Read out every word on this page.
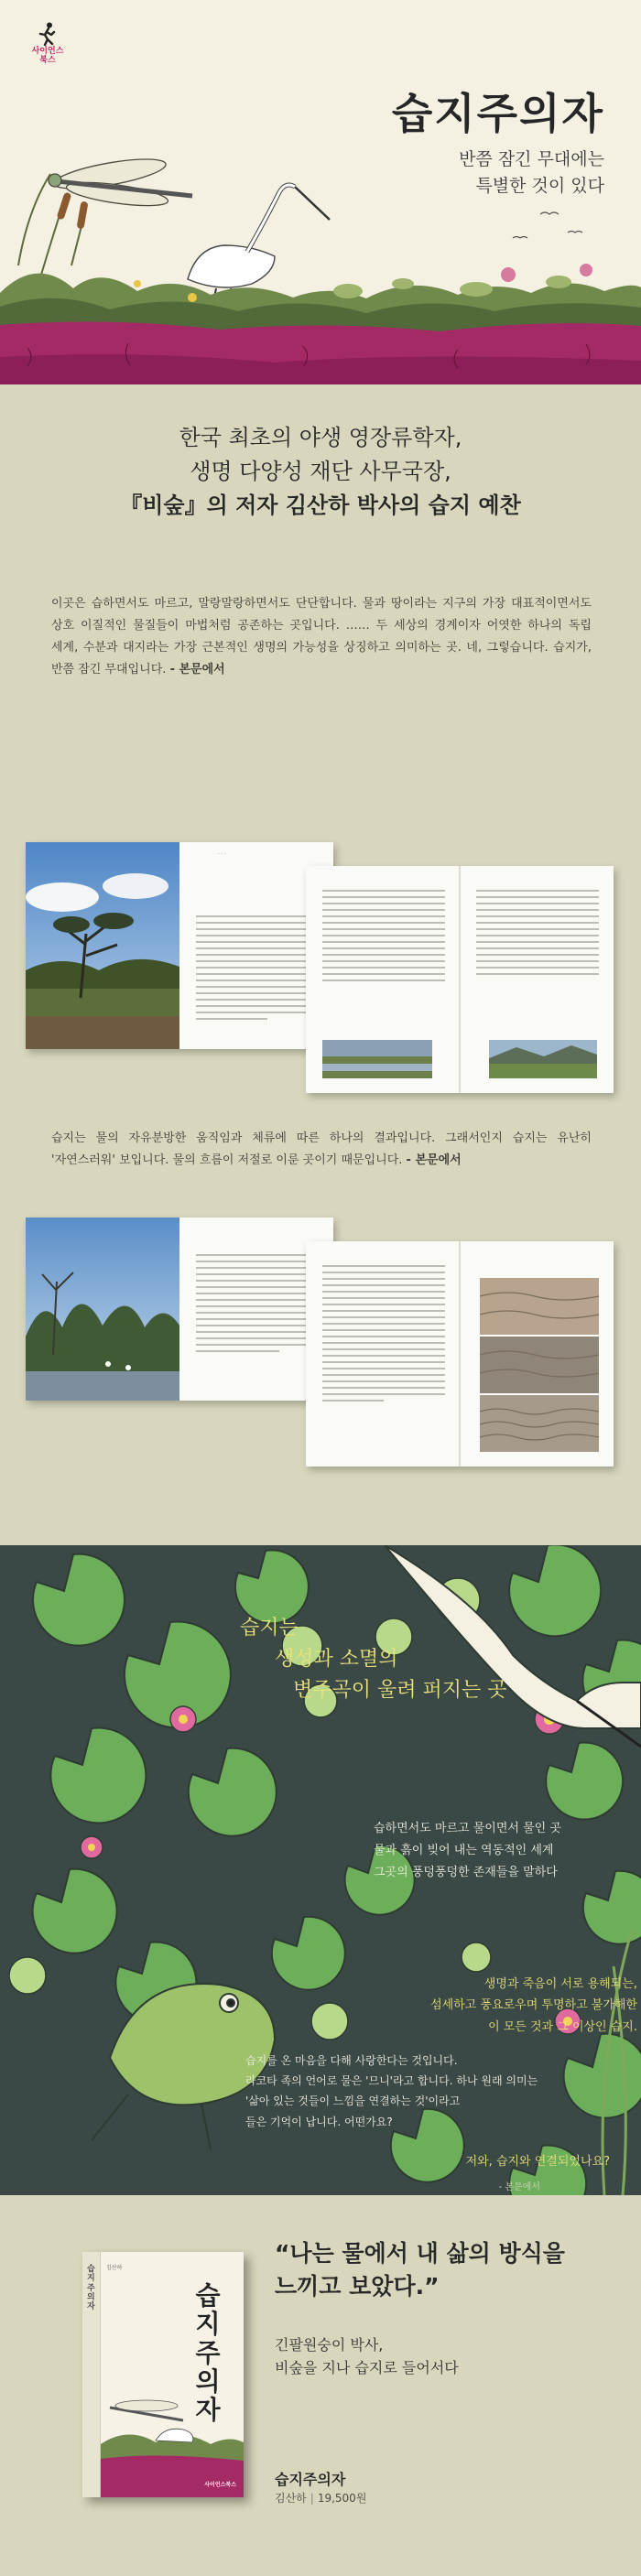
사이언스
북스
습지주의자

반쯤 잠긴 무대에는
특별한 것이 있다

한국 최초의 야생 영장류학자,
생명 다양성 재단 사무국장,
『비숲』의 저자 김산하 박사의 습지 예찬

이곳은 습하면서도 마르고, 말랑말랑하면서도 단단합니다. 물과 땅이라는 지구의 가장 대표적이면서도 상호 이질적인 물질들이 마법처럼 공존하는 곳입니다. …… 두 세상의 경계이자 어엿한 하나의 독립 세계, 수분과 대지라는 가장 근본적인 생명의 가능성을 상징하고 의미하는 곳. 네, 그렇습니다. 습지가, 반쯤 잠긴 무대입니다. - 본문에서

- - -

습지는 물의 자유분방한 움직임과 체류에 따른 하나의 결과입니다. 그래서인지 습지는 유난히 '자연스러워' 보입니다. 물의 흐름이 저절로 이룬 곳이기 때문입니다. - 본문에서

습지는
생성과 소멸의
변주곡이 울려 퍼지는 곳
습하면서도 마르고 물이면서 물인 곳
물과 흙이 빚어 내는 역동적인 세계
그곳의 풍덩풍덩한 존재들을 말하다
생명과 죽음이 서로 용해되는,
섬세하고 풍요로우며 투명하고 불가해한
이 모든 것과 그 이상인 습지.
습지를 온 마음을 다해 사랑한다는 것입니다.
라코타 족의 언어로 물은 '므니'라고 합니다. 하나 원래 의미는
'삶아 있는 것들이 느낌을 연결하는 것'이라고
들은 기억이 납니다. 어떤가요?
저와, 습지와 연결되었나요?
- 본문에서
습지주의자
김산하
습지주의자
사이언스북스
“나는 물에서 내 삶의 방식을
느끼고 보았다.”
긴팔원숭이 박사,
비숲을 지나 습지로 들어서다
습지주의자
김산하 | 19,500원
